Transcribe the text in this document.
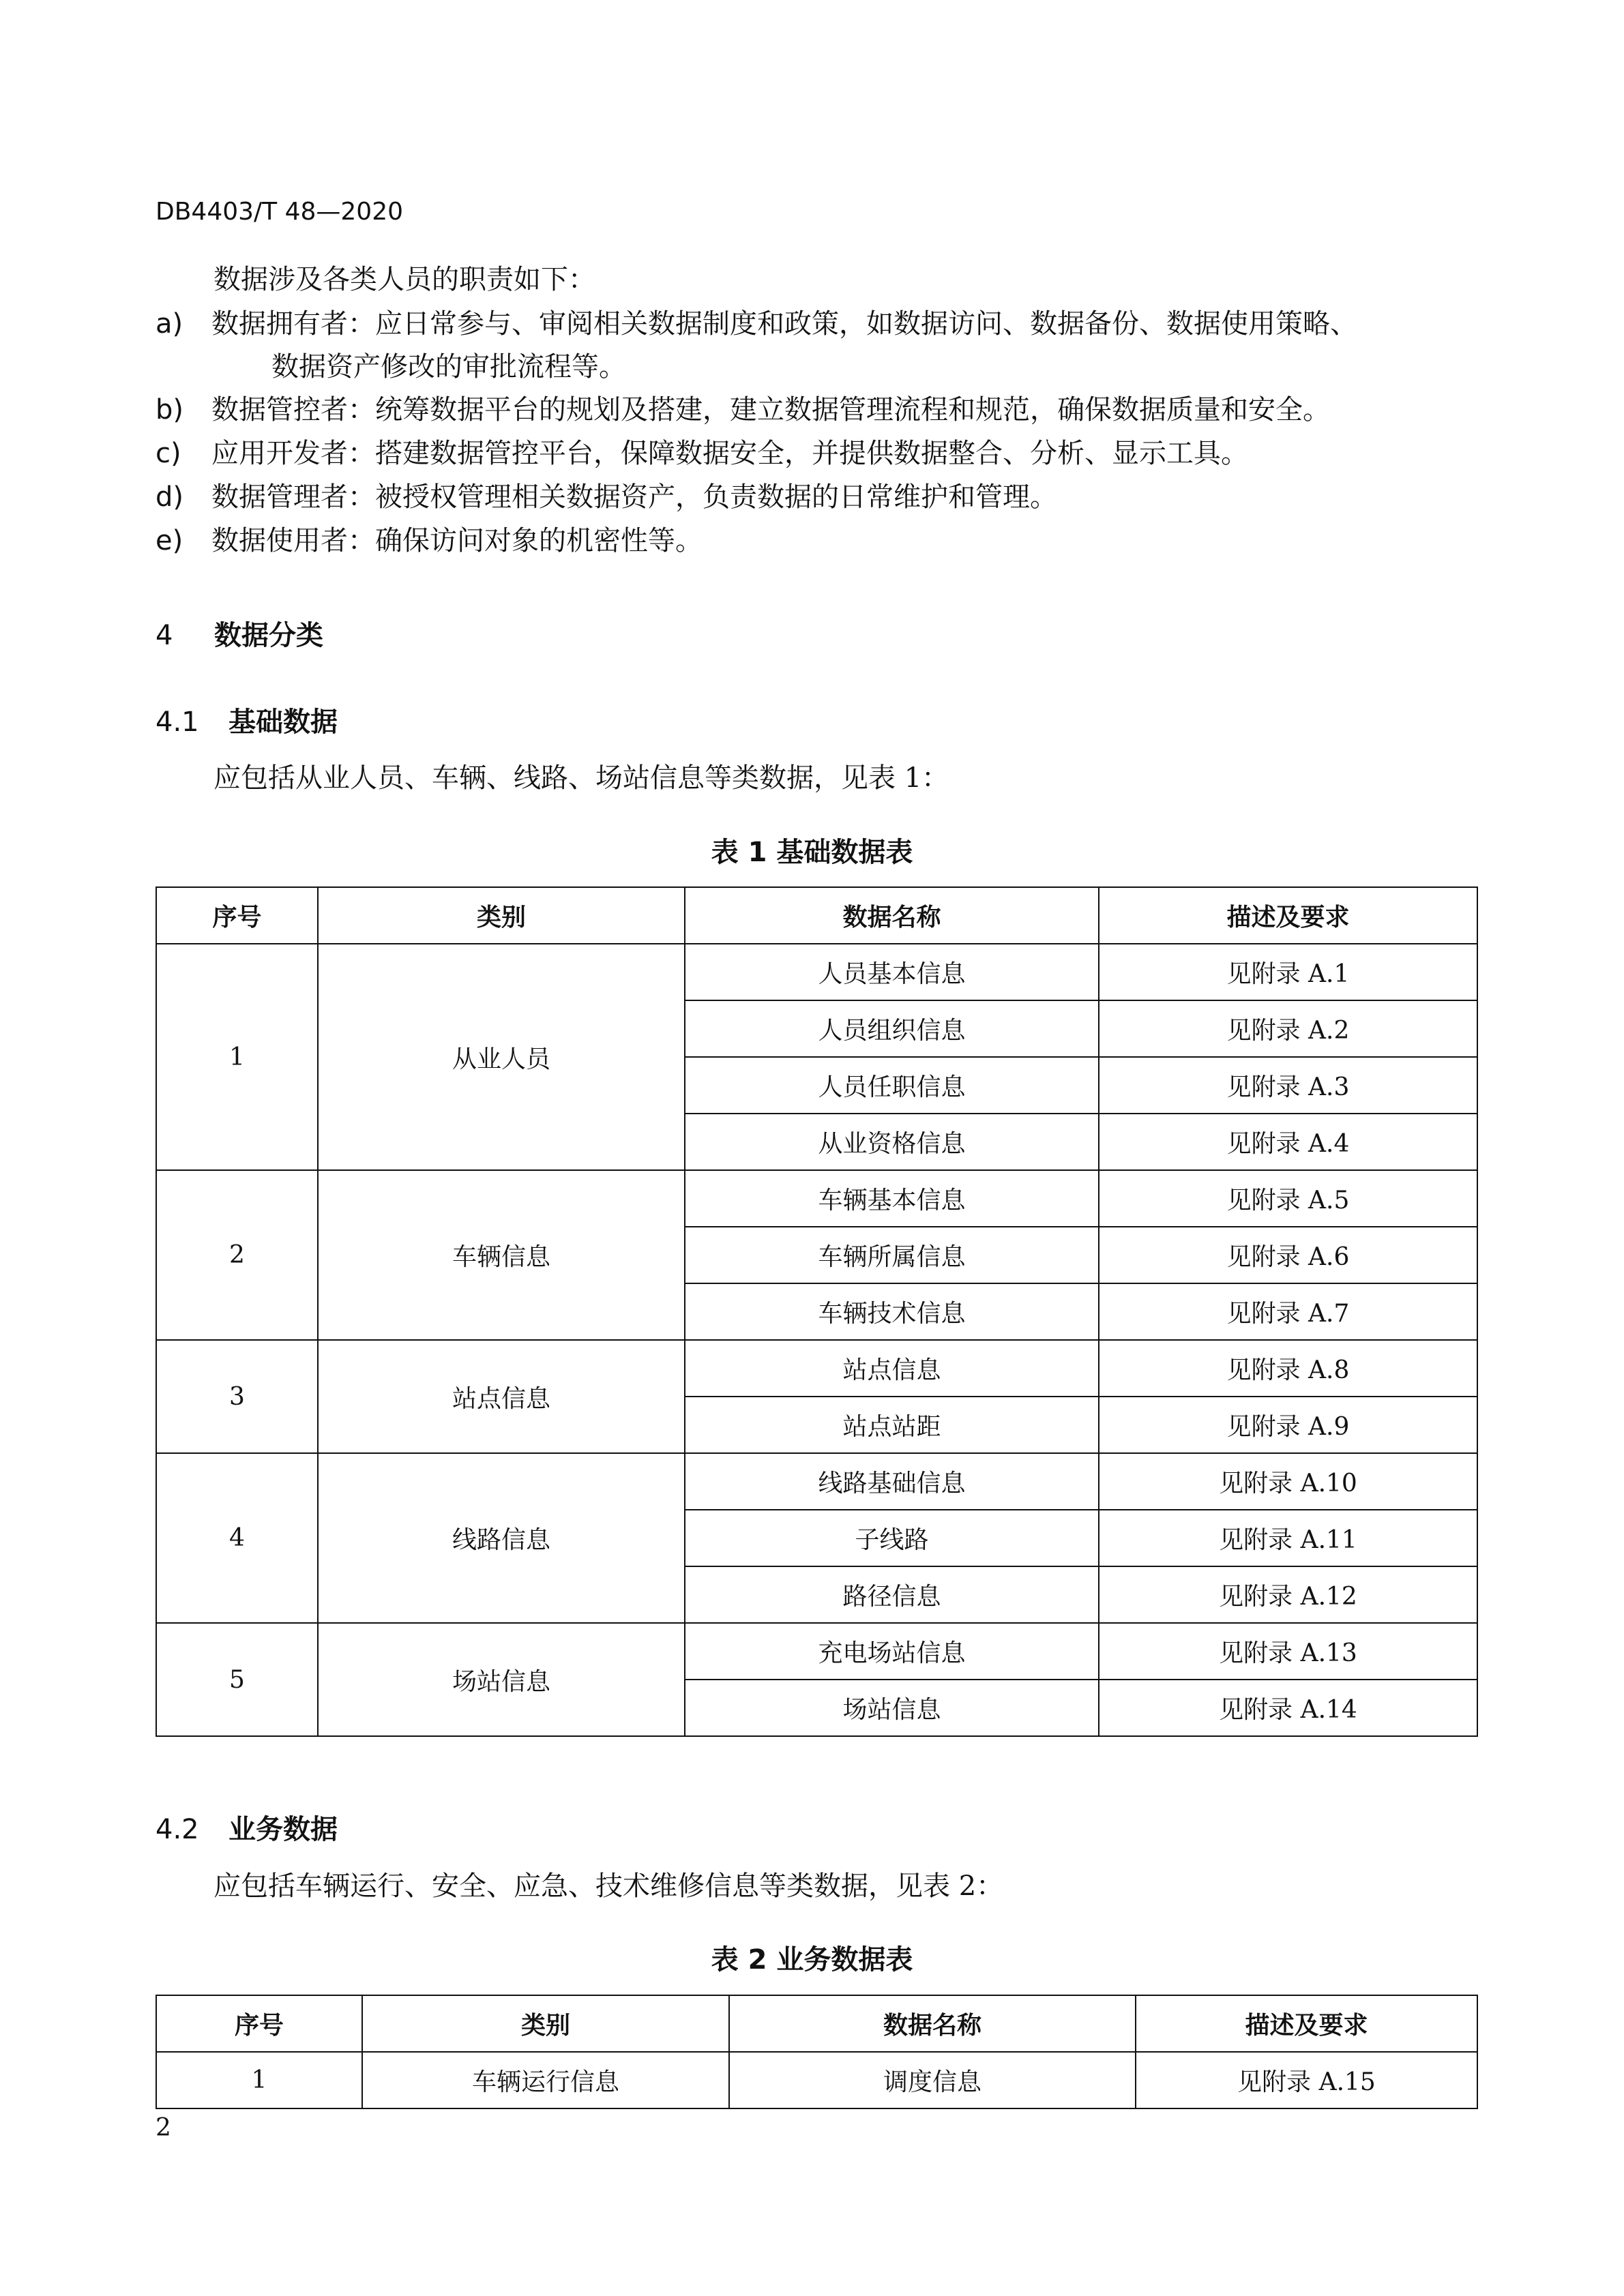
DB4403/T 48—2020
数据涉及各类人员的职责如下：
a) 数据拥有者：应日常参与、审阅相关数据制度和政策，如数据访问、数据备份、数据使用策略、
数据资产修改的审批流程等。
b) 数据管控者：统筹数据平台的规划及搭建，建立数据管理流程和规范，确保数据质量和安全。
c) 应用开发者：搭建数据管控平台，保障数据安全，并提供数据整合、分析、显示工具。
d) 数据管理者：被授权管理相关数据资产，负责数据的日常维护和管理。
e) 数据使用者：确保访问对象的机密性等。
4 数据分类
4.1 基础数据
应包括从业人员、车辆、线路、场站信息等类数据，见表 1：
表 1 基础数据表
序号	类别	数据名称	描述及要求
1	从业人员	人员基本信息	见附录 A.1
		人员组织信息	见附录 A.2
		人员任职信息	见附录 A.3
		从业资格信息	见附录 A.4
2	车辆信息	车辆基本信息	见附录 A.5
		车辆所属信息	见附录 A.6
		车辆技术信息	见附录 A.7
3	站点信息	站点信息	见附录 A.8
		站点站距	见附录 A.9
4	线路信息	线路基础信息	见附录 A.10
		子线路	见附录 A.11
		路径信息	见附录 A.12
5	场站信息	充电场站信息	见附录 A.13
		场站信息	见附录 A.14
4.2 业务数据
应包括车辆运行、安全、应急、技术维修信息等类数据，见表 2：
表 2 业务数据表
序号	类别	数据名称	描述及要求
1	车辆运行信息	调度信息	见附录 A.15
2
